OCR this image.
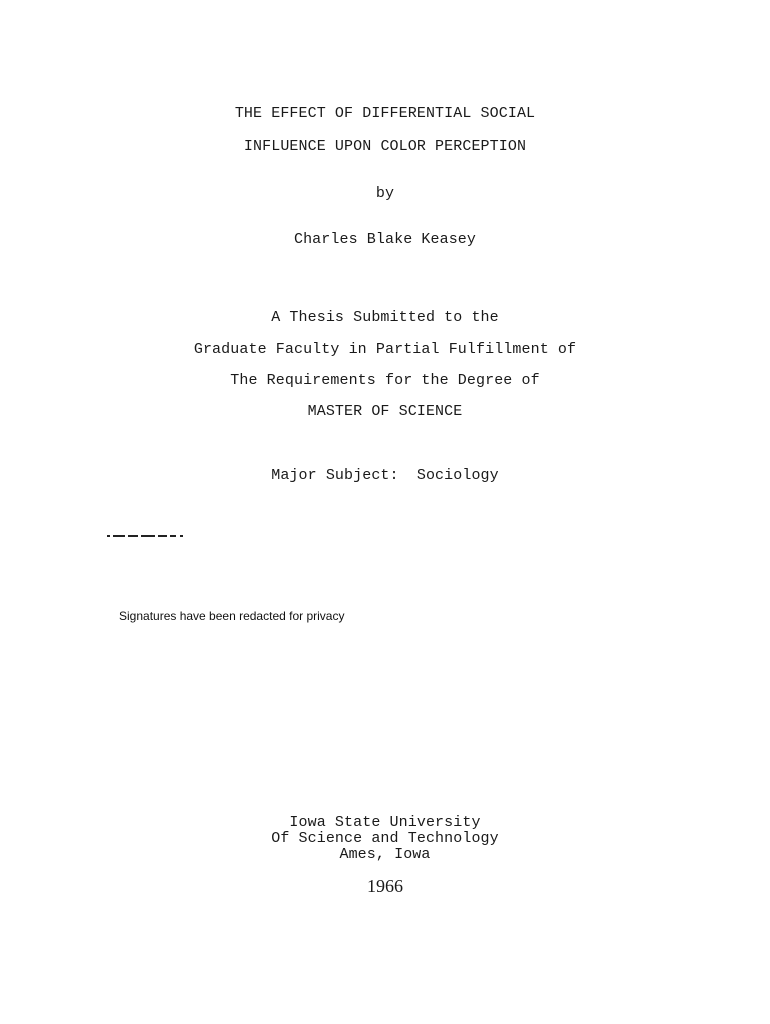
THE EFFECT OF DIFFERENTIAL SOCIAL
INFLUENCE UPON COLOR PERCEPTION
by
Charles Blake Keasey
A Thesis Submitted to the
Graduate Faculty in Partial Fulfillment of
The Requirements for the Degree of
MASTER OF SCIENCE
Major Subject:  Sociology
Signatures have been redacted for privacy
Iowa State University
Of Science and Technology
Ames, Iowa
1966
